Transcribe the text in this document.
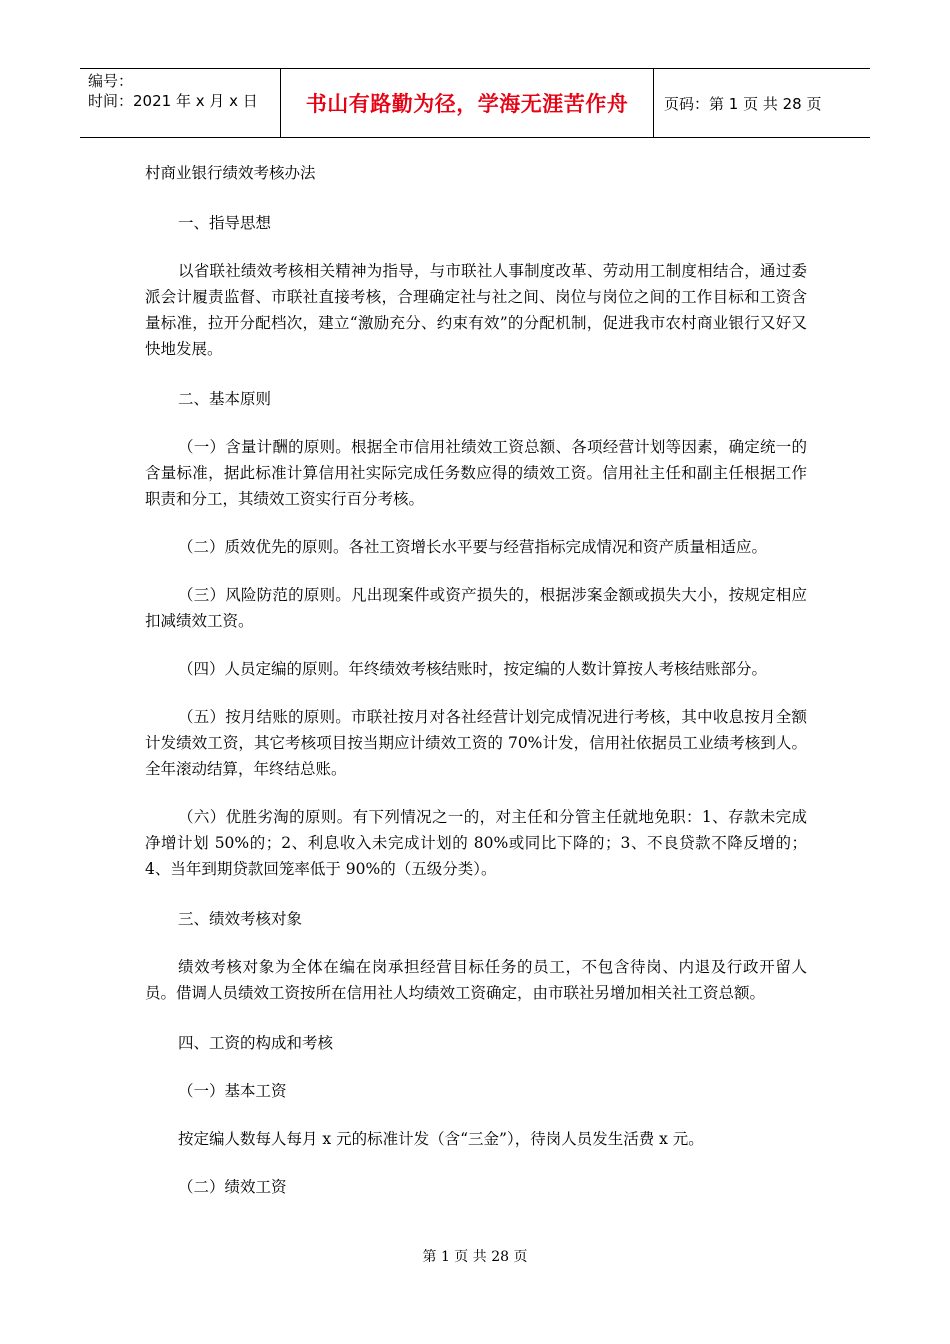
编号：
时间：2021 年 x 月 x 日	书山有路勤为径，学海无涯苦作舟	页码：第 1 页 共 28 页

村商业银行绩效考核办法

一、指导思想

以省联社绩效考核相关精神为指导，与市联社人事制度改革、劳动用工制度相结合，通过委派会计履责监督、市联社直接考核，合理确定社与社之间、岗位与岗位之间的工作目标和工资含量标准，拉开分配档次，建立“激励充分、约束有效”的分配机制，促进我市农村商业银行又好又快地发展。

二、基本原则

（一）含量计酬的原则。根据全市信用社绩效工资总额、各项经营计划等因素，确定统一的含量标准，据此标准计算信用社实际完成任务数应得的绩效工资。信用社主任和副主任根据工作职责和分工，其绩效工资实行百分考核。

（二）质效优先的原则。各社工资增长水平要与经营指标完成情况和资产质量相适应。

（三）风险防范的原则。凡出现案件或资产损失的，根据涉案金额或损失大小，按规定相应扣减绩效工资。

（四）人员定编的原则。年终绩效考核结账时，按定编的人数计算按人考核结账部分。

（五）按月结账的原则。市联社按月对各社经营计划完成情况进行考核，其中收息按月全额计发绩效工资，其它考核项目按当期应计绩效工资的 70%计发，信用社依据员工业绩考核到人。全年滚动结算，年终结总账。

（六）优胜劣淘的原则。有下列情况之一的，对主任和分管主任就地免职：1、存款未完成净增计划 50%的；2、利息收入未完成计划的 80%或同比下降的；3、不良贷款不降反增的；4、当年到期贷款回笼率低于 90%的（五级分类）。

三、绩效考核对象

绩效考核对象为全体在编在岗承担经营目标任务的员工，不包含待岗、内退及行政开留人员。借调人员绩效工资按所在信用社人均绩效工资确定，由市联社另增加相关社工资总额。

四、工资的构成和考核

（一）基本工资

按定编人数每人每月 x 元的标准计发（含“三金”），待岗人员发生活费 x 元。

（二）绩效工资

第 1 页 共 28 页
